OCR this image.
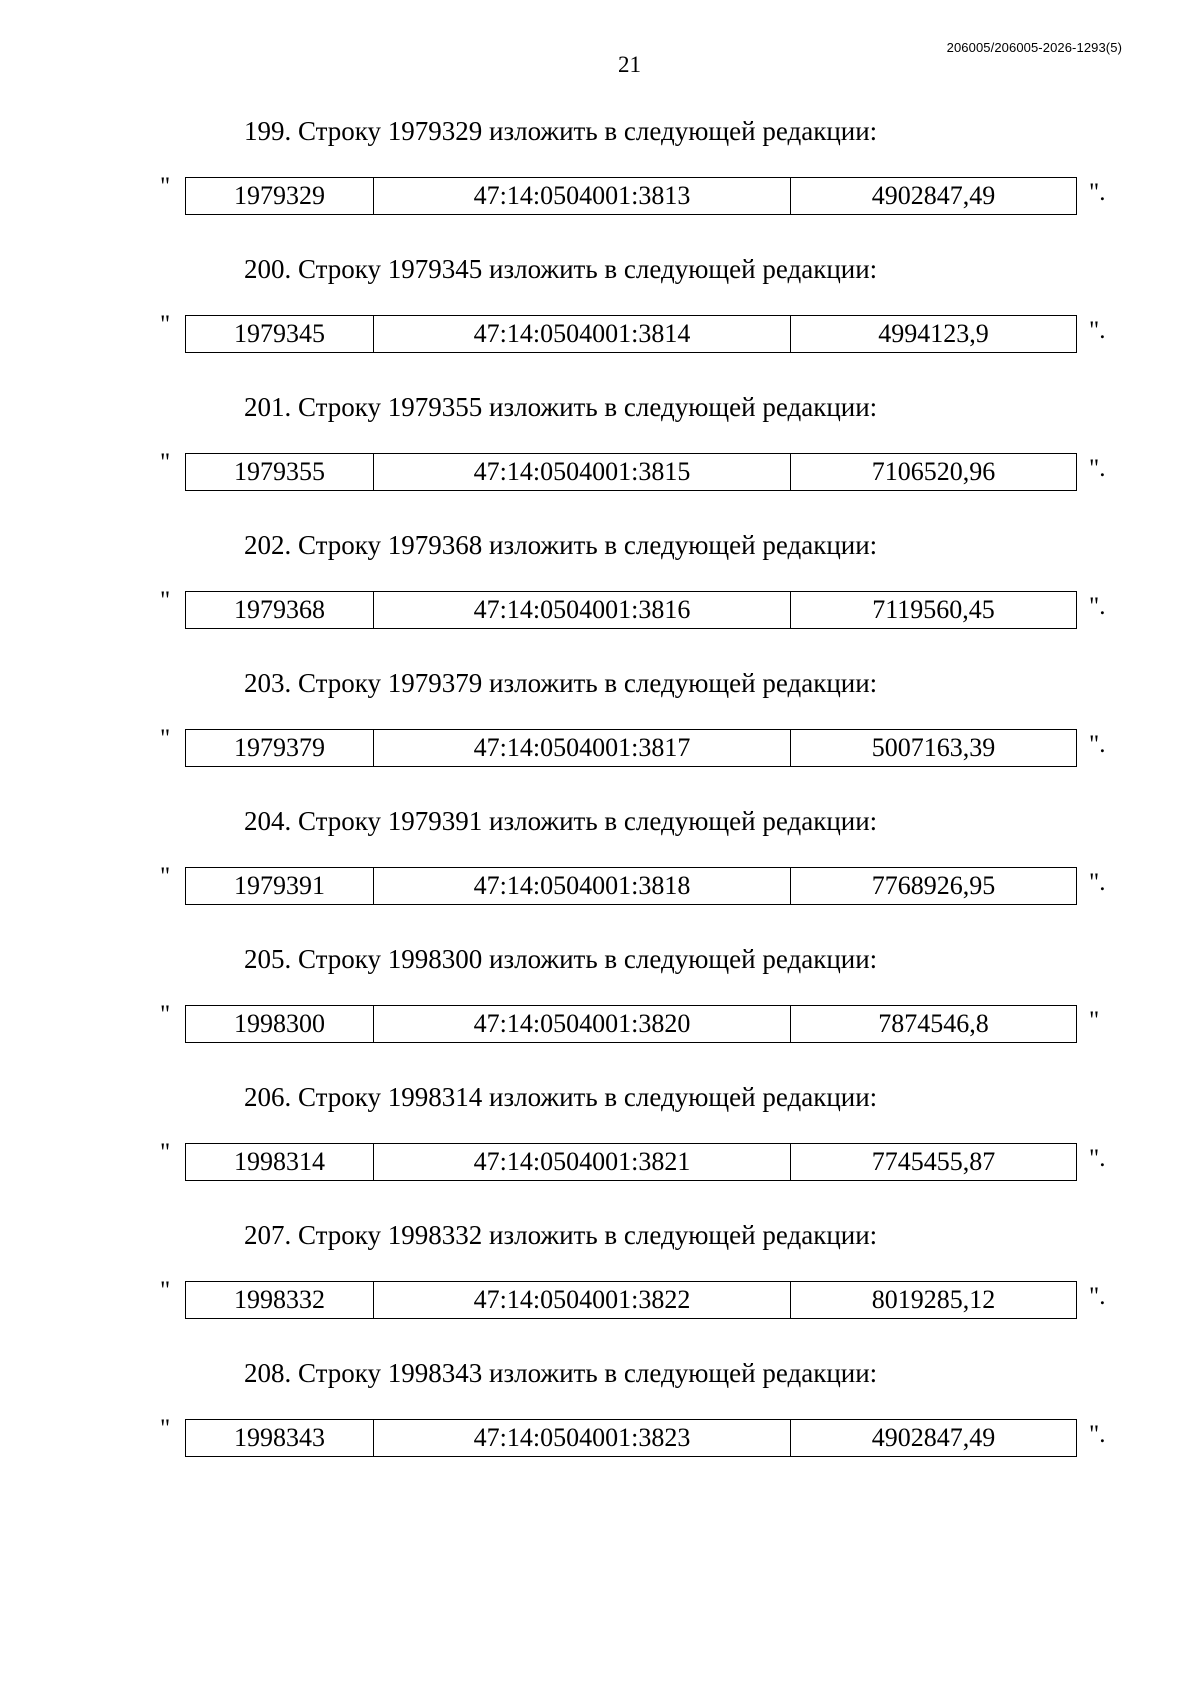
206005/206005-2026-1293(5)
21
199. Строку 1979329 изложить в следующей редакции:
"	1979329	47:14:0504001:3813	4902847,49	".
200. Строку 1979345 изложить в следующей редакции:
"	1979345	47:14:0504001:3814	4994123,9	".
201. Строку 1979355 изложить в следующей редакции:
"	1979355	47:14:0504001:3815	7106520,96	".
202. Строку 1979368 изложить в следующей редакции:
"	1979368	47:14:0504001:3816	7119560,45	".
203. Строку 1979379 изложить в следующей редакции:
"	1979379	47:14:0504001:3817	5007163,39	".
204. Строку 1979391 изложить в следующей редакции:
"	1979391	47:14:0504001:3818	7768926,95	".
205. Строку 1998300 изложить в следующей редакции:
"	1998300	47:14:0504001:3820	7874546,8	"
206. Строку 1998314 изложить в следующей редакции:
"	1998314	47:14:0504001:3821	7745455,87	".
207. Строку 1998332 изложить в следующей редакции:
"	1998332	47:14:0504001:3822	8019285,12	".
208. Строку 1998343 изложить в следующей редакции:
"	1998343	47:14:0504001:3823	4902847,49	".
